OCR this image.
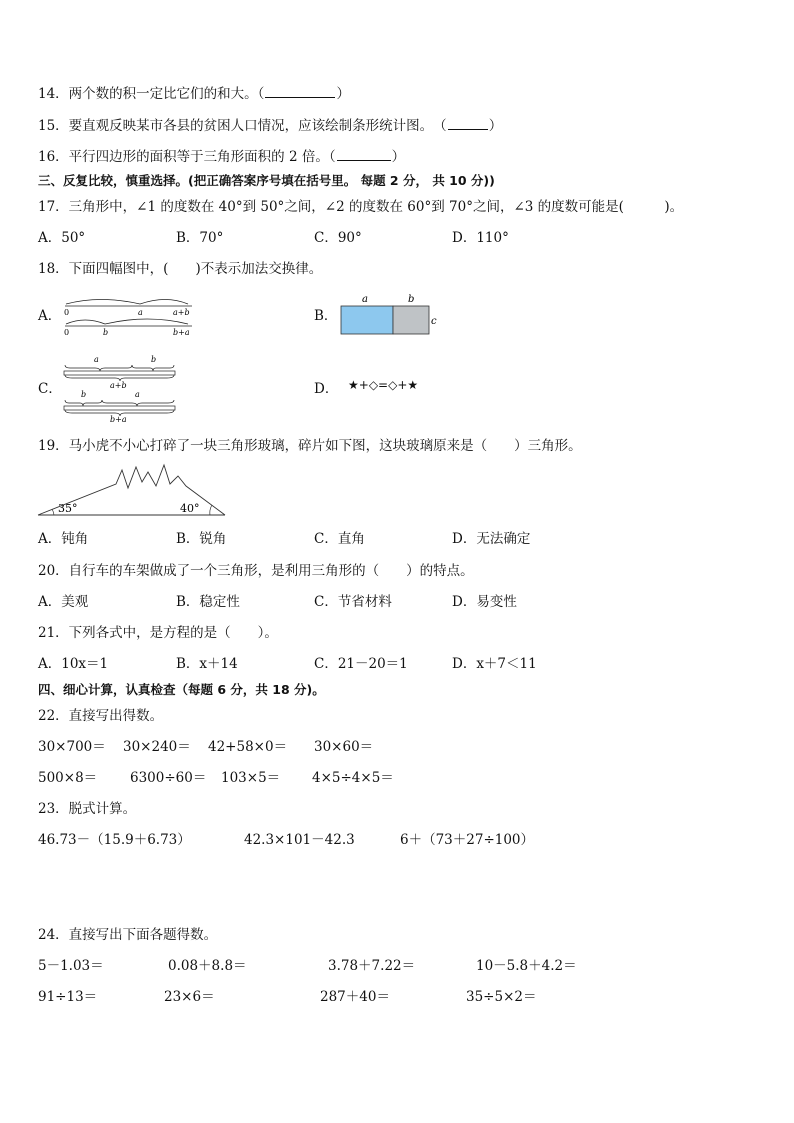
14．两个数的积一定比它们的和大。（	）
15．要直观反映某市各县的贫困人口情况，应该绘制条形统计图。　（	）
16．平行四边形的面积等于三角形面积的 2 倍。（	）
三、反复比较，慎重选择。(把正确答案序号填在括号里。 每题 2 分， 共 10 分))
17．三角形中，∠1 的度数在 40°到 50°之间，∠2 的度数在 60°到 70°之间，∠3 的度数可能是(　　　)。
A．50°	B．70°	C．90°	D．110°
18．下面四幅图中，(　　)不表示加法交换律。
A． 0	a	a+b
0	b	b+a
B．
a	b
c
C．
a	b
a+b
b	a
b+a
D． ★+◇=◇+★
19．马小虎不小心打碎了一块三角形玻璃，碎片如下图，这块玻璃原来是（　　）三角形。
35°	40°
A．钝角	B．锐角	C．直角	D．无法确定
20．自行车的车架做成了一个三角形，是利用三角形的（　　）的特点。
A．美观	B．稳定性	C．节省材料	D．易变性
21．下列各式中，是方程的是（　　）。
A．10x＝1	B．x＋14	C．21－20＝1	D．x＋7＜11
四、细心计算，认真检查（每题 6 分，共 18 分)。
22．直接写出得数。
30×700＝ 30×240＝ 42+58×0＝ 30×60＝
500×8＝ 6300÷60＝ 103×5＝ 4×5÷4×5＝
23．脱式计算。
46.73－（15.9＋6.73）	42.3×101－42.3	6＋（73＋27÷100）
24．直接写出下面各题得数。
5－1.03＝	0.08＋8.8＝	3.78＋7.22＝	10－5.8＋4.2＝
91÷13＝	23×6＝	287＋40＝	35÷5×2＝
